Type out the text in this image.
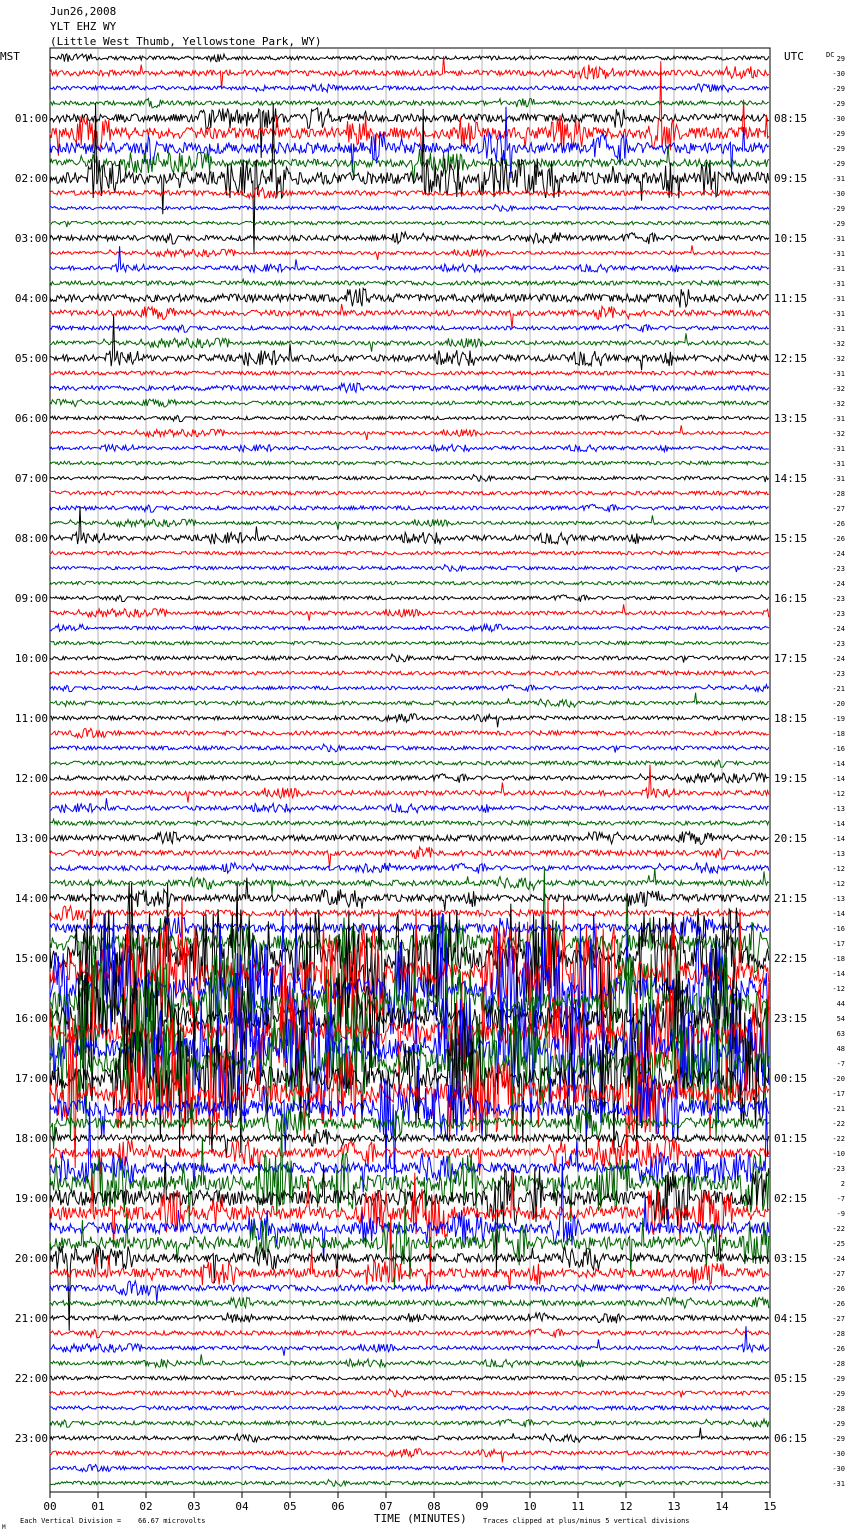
Jun26,2008
YLT EHZ WY
(Little West Thumb, Yellowstone Park, WY)
00	01	02	03	04	05	06	07	08	09	10	11	12	13	14	15
29
-30
-29
-29
-30
-29
-29
-29
-31
-30
-29
-29
-31
-31
-31
-31
-31
-31
-31
-32
-32
-31
-32
-32
-31
-32
-31
-31
-31
-28
-27
-26
-26
-24
-23
-24
-23
-23
-24
-23
-24
-23
-21
-20
-19
-18
-16
-14
-14
-12
-13
-14
-14
-13
-12
-12
-13
-14
-16
-17
-18
-14
-12
44
54
63
48
-7
-20
-17
-21
-22
-22
-10
-23
2
-7
-9
-22
-25
-24
-27
-26
-26
-27
-28
-26
-28
-29
-29
-28
-29
-29
-30
-30
-31
01:00
02:00
03:00
04:00
05:00
06:00
07:00
08:00
09:00
10:00
11:00
12:00
13:00
14:00
15:00
16:00
17:00
18:00
19:00
20:00
21:00
22:00
23:00
08:15
09:15
10:15
11:15
12:15
13:15
14:15
15:15
16:15
17:15
18:15
19:15
20:15
21:15
22:15
23:15
00:15
01:15
02:15
03:15
04:15
05:15
06:15
MST	UTC	DC
TIME (MINUTES)
Each Vertical Division =    66.67 microvolts	Traces clipped at plus/minus 5 vertical divisions
M
